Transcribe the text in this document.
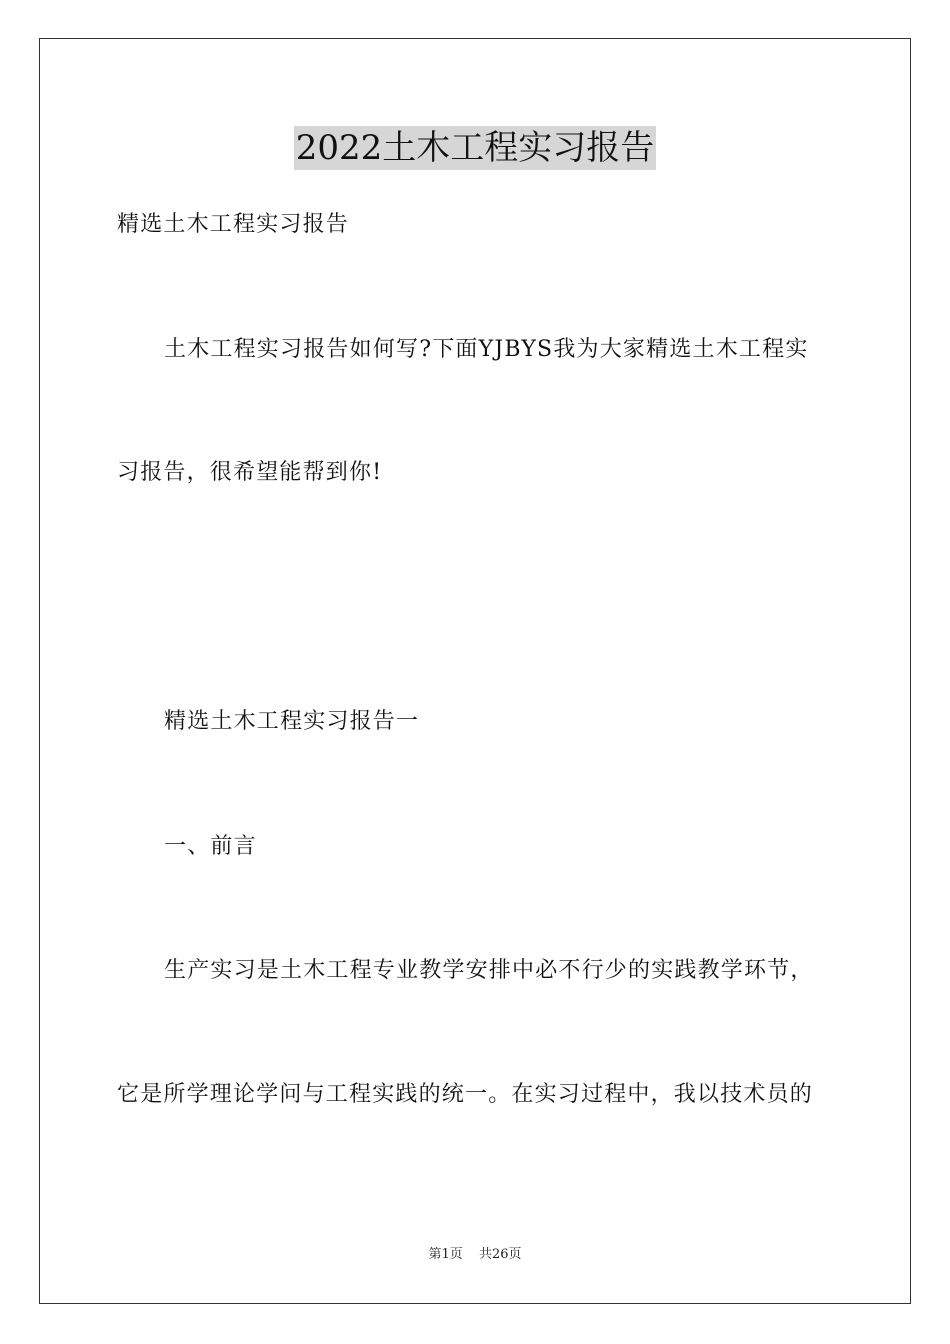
2022土木工程实习报告
精选土木工程实习报告
土木工程实习报告如何写?下面YJBYS我为大家精选土木工程实
习报告，很希望能帮到你!
精选土木工程实习报告一
一、前言
生产实习是土木工程专业教学安排中必不行少的实践教学环节，
它是所学理论学问与工程实践的统一。在实习过程中，我以技术员的
第1页 共26页
